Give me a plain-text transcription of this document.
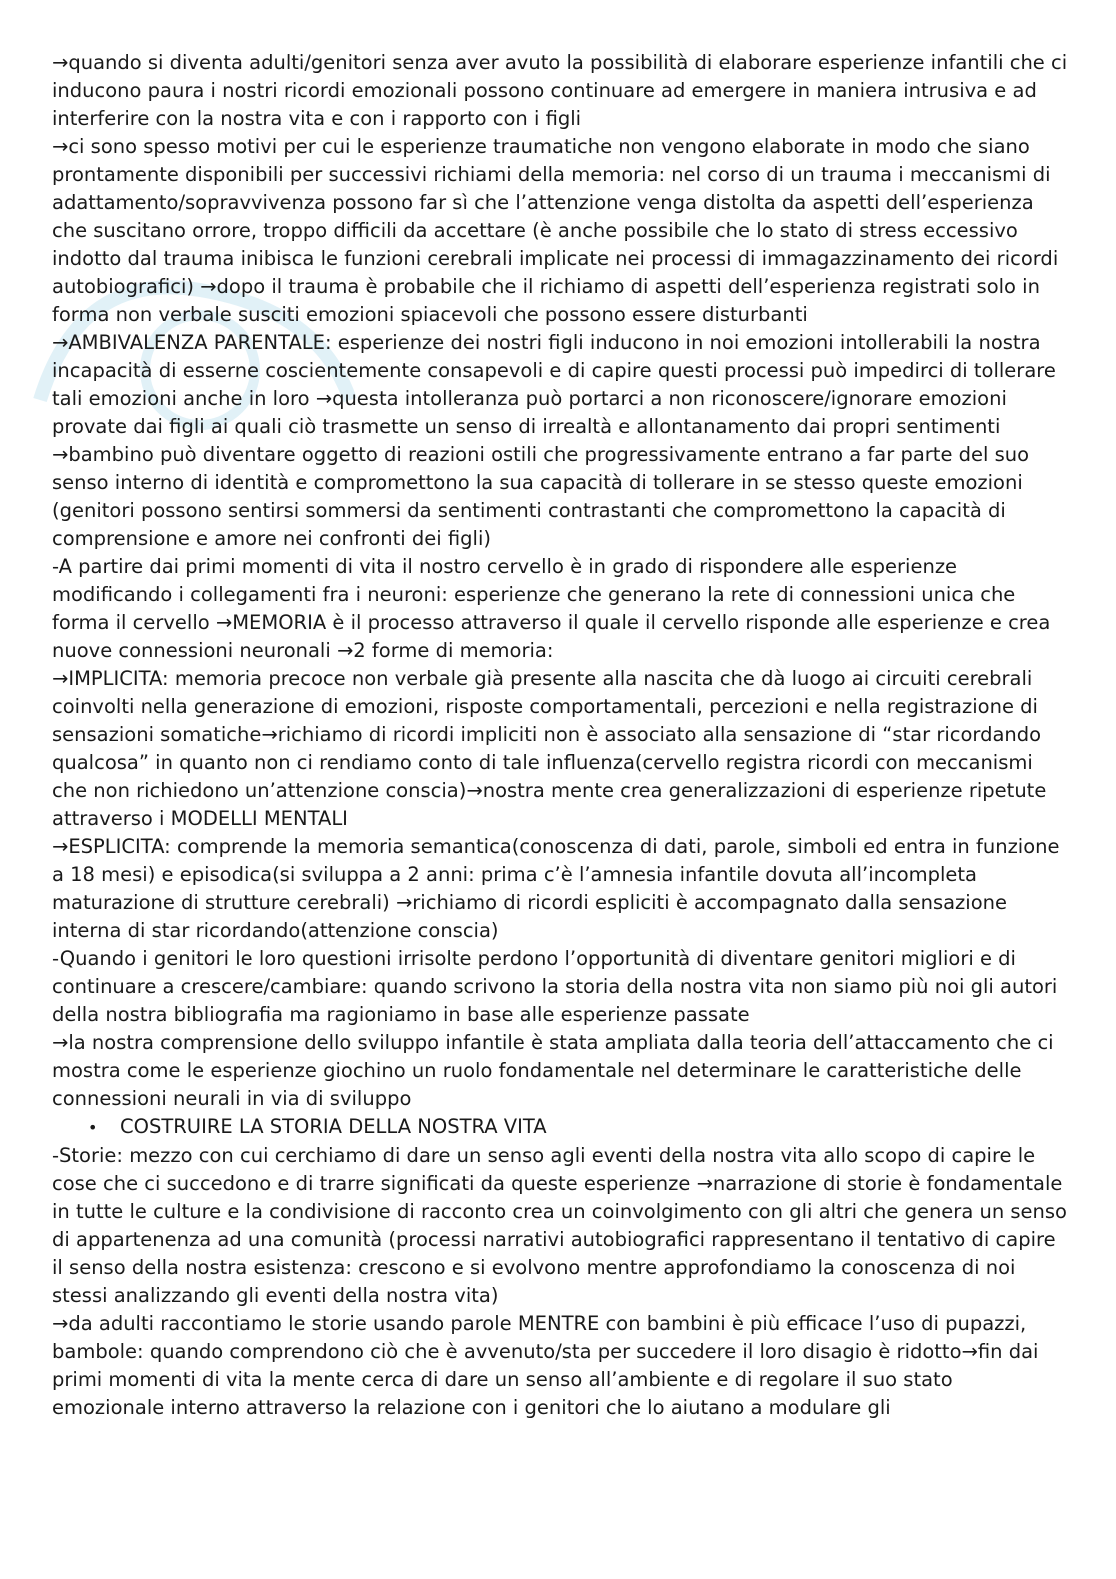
→quando si diventa adulti/genitori senza aver avuto la possibilità di elaborare esperienze infantili che ci inducono paura i nostri ricordi emozionali possono continuare ad emergere in maniera intrusiva e ad interferire con la nostra vita e con i rapporto con i figli

→ci sono spesso motivi per cui le esperienze traumatiche non vengono elaborate in modo che siano prontamente disponibili per successivi richiami della memoria: nel corso di un trauma i meccanismi di adattamento/sopravvivenza possono far sì che l’attenzione venga distolta da aspetti dell’esperienza che suscitano orrore, troppo difficili da accettare (è anche possibile che lo stato di stress eccessivo indotto dal trauma inibisca le funzioni cerebrali implicate nei processi di immagazzinamento dei ricordi autobiografici) →dopo il trauma è probabile che il richiamo di aspetti dell’esperienza registrati solo in forma non verbale susciti emozioni spiacevoli che possono essere disturbanti

→AMBIVALENZA PARENTALE: esperienze dei nostri figli inducono in noi emozioni intollerabili la nostra incapacità di esserne coscientemente consapevoli e di capire questi processi può impedirci di tollerare tali emozioni anche in loro →questa intolleranza può portarci a non riconoscere/ignorare emozioni provate dai figli ai quali ciò trasmette un senso di irrealtà e allontanamento dai propri sentimenti

→bambino può diventare oggetto di reazioni ostili che progressivamente entrano a far parte del suo senso interno di identità e compromettono la sua capacità di tollerare in se stesso queste emozioni (genitori possono sentirsi sommersi da sentimenti contrastanti che compromettono la capacità di comprensione e amore nei confronti dei figli)

-A partire dai primi momenti di vita il nostro cervello è in grado di rispondere alle esperienze modificando i collegamenti fra i neuroni: esperienze che generano la rete di connessioni unica che forma il cervello →MEMORIA è il processo attraverso il quale il cervello risponde alle esperienze e crea nuove connessioni neuronali →2 forme di memoria:

→IMPLICITA: memoria precoce non verbale già presente alla nascita che dà luogo ai circuiti cerebrali coinvolti nella generazione di emozioni, risposte comportamentali, percezioni e nella registrazione di sensazioni somatiche→richiamo di ricordi impliciti non è associato alla sensazione di “star ricordando qualcosa” in quanto non ci rendiamo conto di tale influenza(cervello registra ricordi con meccanismi che non richiedono un’attenzione conscia)→nostra mente crea generalizzazioni di esperienze ripetute attraverso i MODELLI MENTALI

→ESPLICITA: comprende la memoria semantica(conoscenza di dati, parole, simboli ed entra in funzione a 18 mesi) e episodica(si sviluppa a 2 anni: prima c’è l’amnesia infantile dovuta all’incompleta maturazione di strutture cerebrali) →richiamo di ricordi espliciti è accompagnato dalla sensazione interna di star ricordando(attenzione conscia)

-Quando i genitori le loro questioni irrisolte perdono l’opportunità di diventare genitori migliori e di continuare a crescere/cambiare: quando scrivono la storia della nostra vita non siamo più noi gli autori della nostra bibliografia ma ragioniamo in base alle esperienze passate

→la nostra comprensione dello sviluppo infantile è stata ampliata dalla teoria dell’attaccamento che ci mostra come le esperienze giochino un ruolo fondamentale nel determinare le caratteristiche delle connessioni neurali in via di sviluppo

•	COSTRUIRE LA STORIA DELLA NOSTRA VITA

-Storie: mezzo con cui cerchiamo di dare un senso agli eventi della nostra vita allo scopo di capire le cose che ci succedono e di trarre significati da queste esperienze →narrazione di storie è fondamentale in tutte le culture e la condivisione di racconto crea un coinvolgimento con gli altri che genera un senso di appartenenza ad una comunità (processi narrativi autobiografici rappresentano il tentativo di capire il senso della nostra esistenza: crescono e si evolvono mentre approfondiamo la conoscenza di noi stessi analizzando gli eventi della nostra vita)

→da adulti raccontiamo le storie usando parole MENTRE con bambini è più efficace l’uso di pupazzi, bambole: quando comprendono ciò che è avvenuto/sta per succedere il loro disagio è ridotto→fin dai primi momenti di vita la mente cerca di dare un senso all’ambiente e di regolare il suo stato emozionale interno attraverso la relazione con i genitori che lo aiutano a modulare gli
